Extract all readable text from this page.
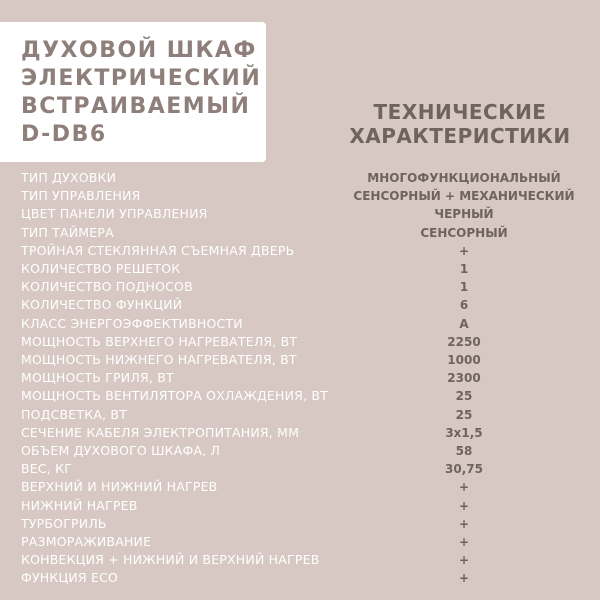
ДУХОВОЙ ШКАФ
ЭЛЕКТРИЧЕСКИЙ
ВСТРАИВАЕМЫЙ
D-DB6
ТЕХНИЧЕСКИЕ
ХАРАКТЕРИСТИКИ
ТИП ДУХОВКИ	МНОГОФУНКЦИОНАЛЬНЫЙ
ТИП УПРАВЛЕНИЯ	СЕНСОРНЫЙ + МЕХАНИЧЕСКИЙ
ЦВЕТ ПАНЕЛИ УПРАВЛЕНИЯ	ЧЕРНЫЙ
ТИП ТАЙМЕРА	СЕНСОРНЫЙ
ТРОЙНАЯ СТЕКЛЯННАЯ СЪЕМНАЯ ДВЕРЬ	+
КОЛИЧЕСТВО РЕШЕТОК	1
КОЛИЧЕСТВО ПОДНОСОВ	1
КОЛИЧЕСТВО ФУНКЦИЙ	6
КЛАСС ЭНЕРГОЭФФЕКТИВНОСТИ	A
МОЩНОСТЬ ВЕРХНЕГО НАГРЕВАТЕЛЯ, ВТ	2250
МОЩНОСТЬ НИЖНЕГО НАГРЕВАТЕЛЯ, ВТ	1000
МОЩНОСТЬ ГРИЛЯ, ВТ	2300
МОЩНОСТЬ ВЕНТИЛЯТОРА ОХЛАЖДЕНИЯ, ВТ	25
ПОДСВЕТКА, ВТ	25
СЕЧЕНИЕ КАБЕЛЯ ЭЛЕКТРОПИТАНИЯ, ММ	3х1,5
ОБЪЕМ ДУХОВОГО ШКАФА, Л	58
ВЕС, КГ	30,75
ВЕРХНИЙ И НИЖНИЙ НАГРЕВ	+
НИЖНИЙ НАГРЕВ	+
ТУРБОГРИЛЬ	+
РАЗМОРАЖИВАНИЕ	+
КОНВЕКЦИЯ + НИЖНИЙ И ВЕРХНИЙ НАГРЕВ	+
ФУНКЦИЯ ECO	+
